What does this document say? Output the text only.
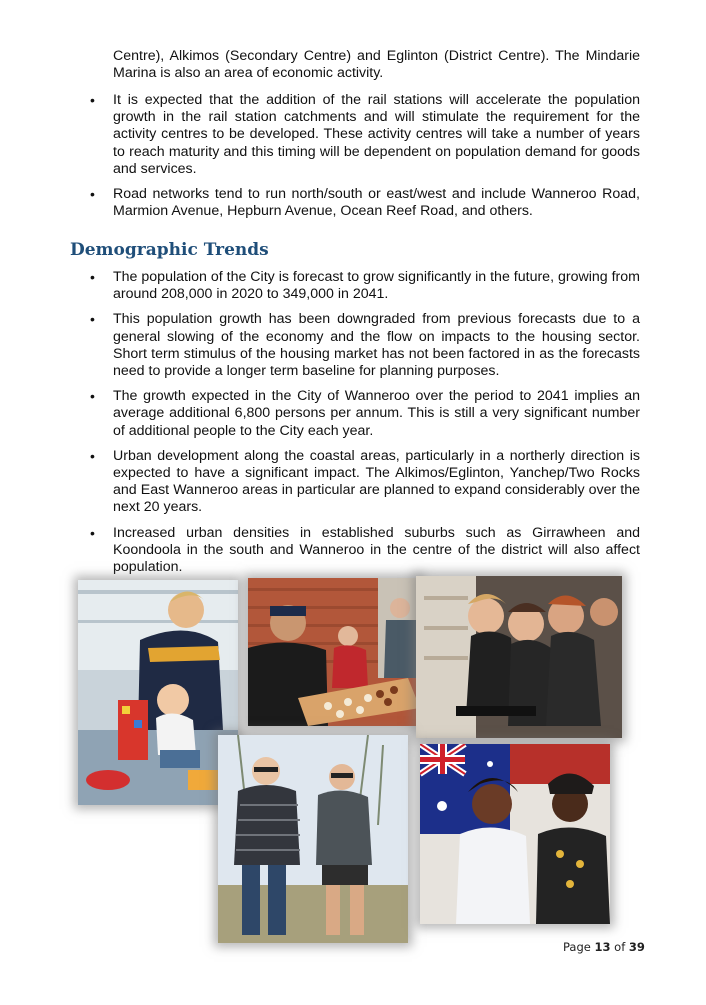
Centre), Alkimos (Secondary Centre) and Eglinton (District Centre). The Mindarie Marina is also an area of economic activity.

• It is expected that the addition of the rail stations will accelerate the population growth in the rail station catchments and will stimulate the requirement for the activity centres to be developed. These activity centres will take a number of years to reach maturity and this timing will be dependent on population demand for goods and services.
• Road networks tend to run north/south or east/west and include Wanneroo Road, Marmion Avenue, Hepburn Avenue, Ocean Reef Road, and others.
Demographic Trends
• The population of the City is forecast to grow significantly in the future, growing from around 208,000 in 2020 to 349,000 in 2041.
• This population growth has been downgraded from previous forecasts due to a general slowing of the economy and the flow on impacts to the housing sector. Short term stimulus of the housing market has not been factored in as the forecasts need to provide a longer term baseline for planning purposes.
• The growth expected in the City of Wanneroo over the period to 2041 implies an average additional 6,800 persons per annum. This is still a very significant number of additional people to the City each year.
• Urban development along the coastal areas, particularly in a northerly direction is expected to have a significant impact. The Alkimos/Eglinton, Yanchep/Two Rocks and East Wanneroo areas in particular are planned to expand considerably over the next 20 years.
• Increased urban densities in established suburbs such as Girrawheen and Koondoola in the south and Wanneroo in the centre of the district will also affect population.
Page 13 of 39
